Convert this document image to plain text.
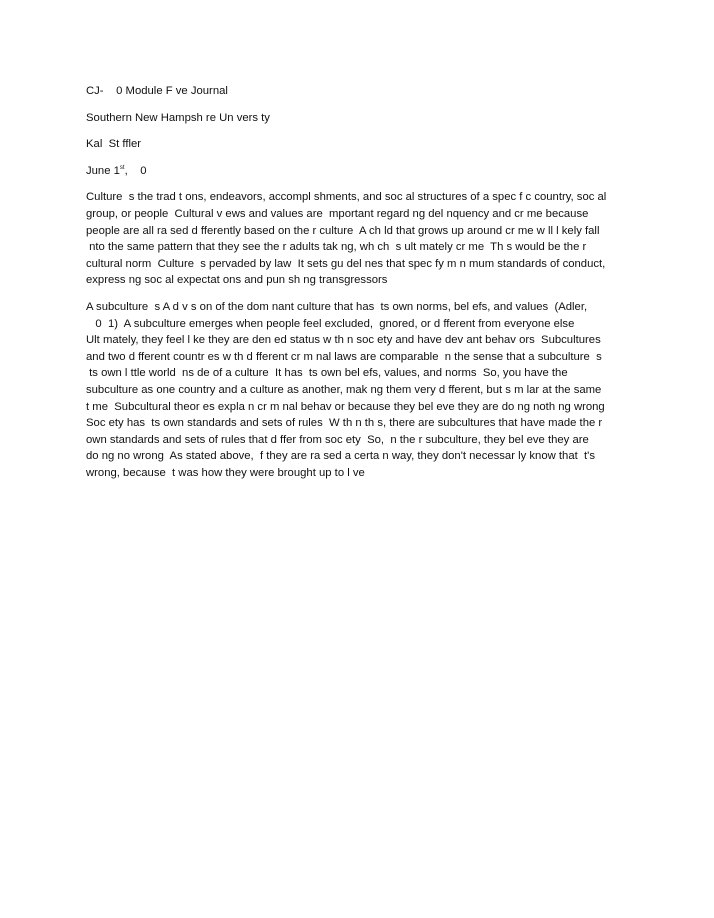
CJ-    0 Module F ve Journal
Southern New Hampsh re Un vers ty
Kal  St ffler
June 1st,    0
Culture  s the trad t ons, endeavors, accompl shments, and soc al structures of a spec f c country, soc al
group, or people  Cultural v ews and values are  mportant regard ng del nquency and cr me because
people are all ra sed d fferently based on the r culture  A ch ld that grows up around cr me w ll l kely fall
nto the same pattern that they see the r adults tak ng, wh ch  s ult mately cr me  Th s would be the r
cultural norm  Culture  s pervaded by law  It sets gu del nes that spec fy m n mum standards of conduct,
express ng soc al expectat ons and pun sh ng transgressors
A subculture  s A d v s on of the dom nant culture that has  ts own norms, bel efs, and values  (Adler,
0  1)  A subculture emerges when people feel excluded,  gnored, or d fferent from everyone else
Ult mately, they feel l ke they are den ed status w th n soc ety and have dev ant behav ors  Subcultures
and two d fferent countr es w th d fferent cr m nal laws are comparable  n the sense that a subculture  s
ts own l ttle world  ns de of a culture  It has  ts own bel efs, values, and norms  So, you have the
subculture as one country and a culture as another, mak ng them very d fferent, but s m lar at the same
t me  Subcultural theor es expla n cr m nal behav or because they bel eve they are do ng noth ng wrong
Soc ety has  ts own standards and sets of rules  W th n th s, there are subcultures that have made the r
own standards and sets of rules that d ffer from soc ety  So,  n the r subculture, they bel eve they are
do ng no wrong  As stated above,  f they are ra sed a certa n way, they don't necessar ly know that  t's
wrong, because  t was how they were brought up to l ve
